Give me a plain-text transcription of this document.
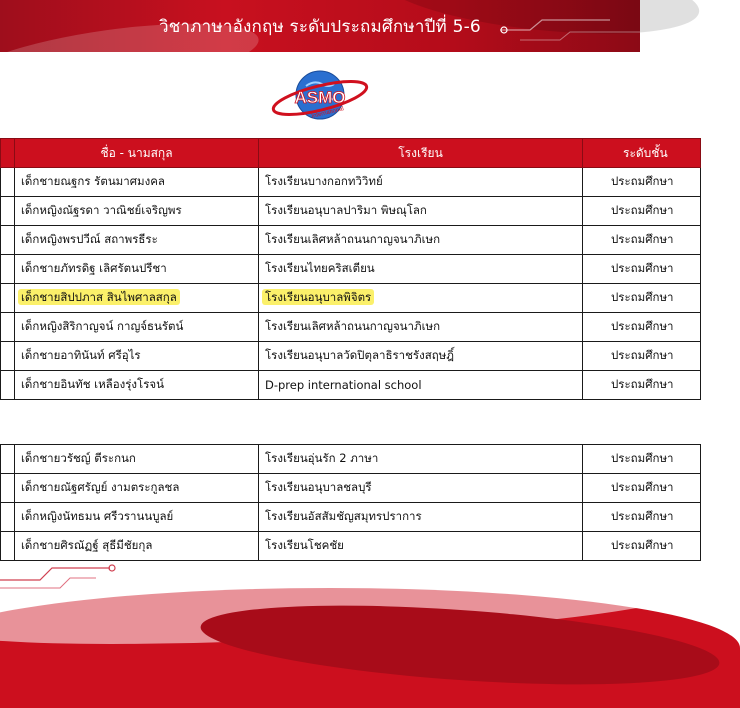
วิชาภาษาอังกฤษ ระดับประถมศึกษาปีที่ 5-6
ASMO
International
	ชื่อ - นามสกุล	โรงเรียน	ระดับชั้น
	เด็กชายณฐกร รัตนมาศมงคล	โรงเรียนบางกอกทวิวิทย์	ประถมศึกษา
	เด็กหญิงณัฐรดา วาณิชย์เจริญพร	โรงเรียนอนุบาลปาริมา พิษณุโลก	ประถมศึกษา
	เด็กหญิงพรปวีณ์ สถาพรธีระ	โรงเรียนเลิศหล้าถนนกาญจนาภิเษก	ประถมศึกษา
	เด็กชายภัทรดิฐ เลิศรัตนปรีชา	โรงเรียนไทยคริสเตียน	ประถมศึกษา
	เด็กชายสิปปภาส สินไพศาลสกุล	โรงเรียนอนุบาลพิจิตร	ประถมศึกษา
	เด็กหญิงสิริกาญจน์ กาญจ์ธนรัตน์	โรงเรียนเลิศหล้าถนนกาญจนาภิเษก	ประถมศึกษา
	เด็กชายอาทินันท์ ศรีอุไร	โรงเรียนอนุบาลวัดปิตุลาธิราชรังสฤษฎิ์	ประถมศึกษา
	เด็กชายอินทัช เหลืองรุ่งโรจน์	D-prep international school	ประถมศึกษา

	เด็กชายวรัชญ์ ตีระกนก	โรงเรียนอุ่นรัก 2 ภาษา	ประถมศึกษา
	เด็กชายณัฐศรัญย์ งามตระกูลชล	โรงเรียนอนุบาลชลบุรี	ประถมศึกษา
	เด็กหญิงนัทธมน ศรีวรานนบูลย์	โรงเรียนอัสสัมชัญสมุทรปราการ	ประถมศึกษา
	เด็กชายศิรณัฏฐ์ สุธีมีชัยกุล	โรงเรียนโชคชัย	ประถมศึกษา
